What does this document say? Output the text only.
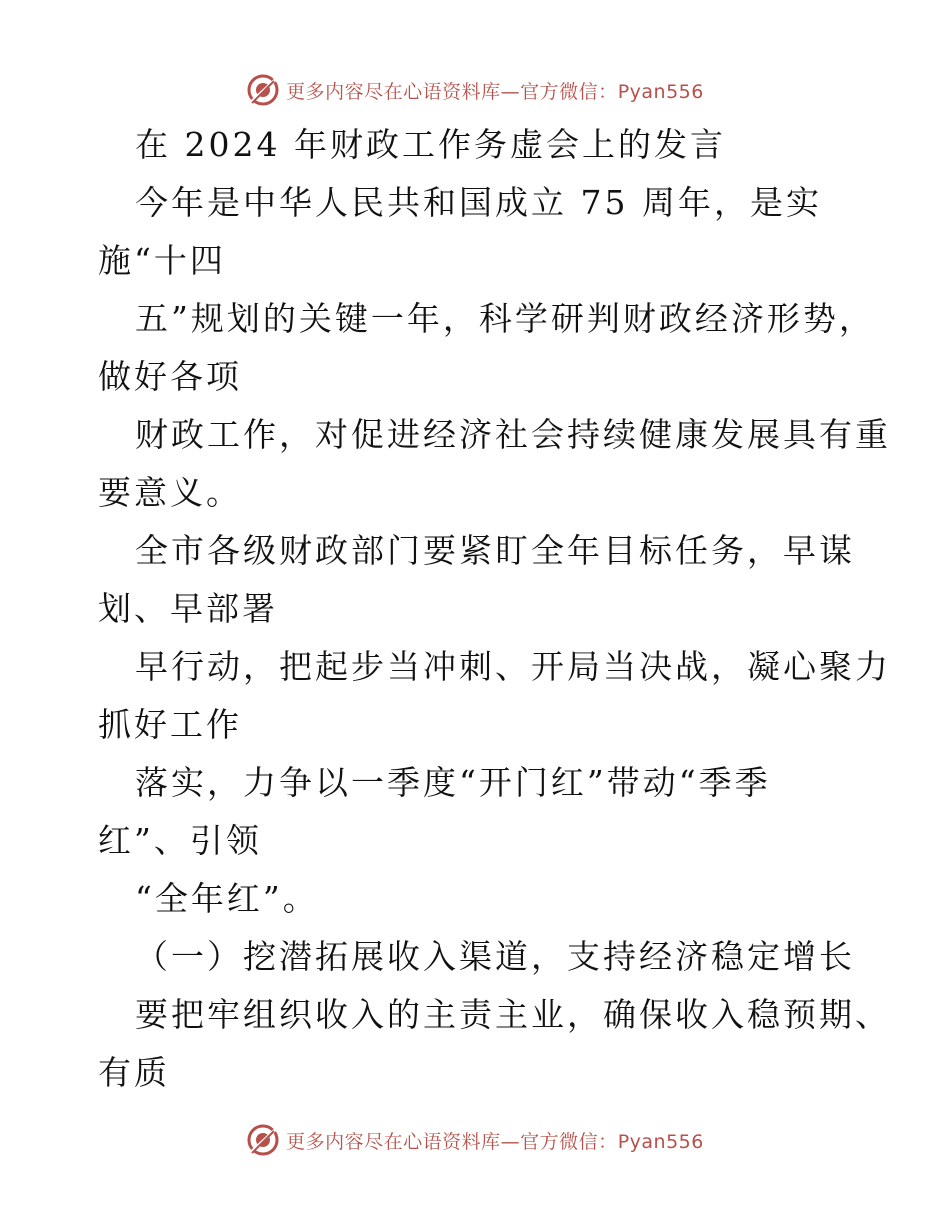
更多内容尽在心语资料库—官方微信：Pyan556
在 2024 年财政工作务虚会上的发言
今年是中华人民共和国成立 75 周年，是实
施“十四
五”规划的关键一年，科学研判财政经济形势，
做好各项
财政工作，对促进经济社会持续健康发展具有重
要意义。
全市各级财政部门要紧盯全年目标任务，早谋
划、早部署
早行动，把起步当冲刺、开局当决战，凝心聚力
抓好工作
落实，力争以一季度“开门红”带动“季季
红”、引领
“全年红”。
（一）挖潜拓展收入渠道，支持经济稳定增长
要把牢组织收入的主责主业，确保收入稳预期、
有质
更多内容尽在心语资料库—官方微信：Pyan556
